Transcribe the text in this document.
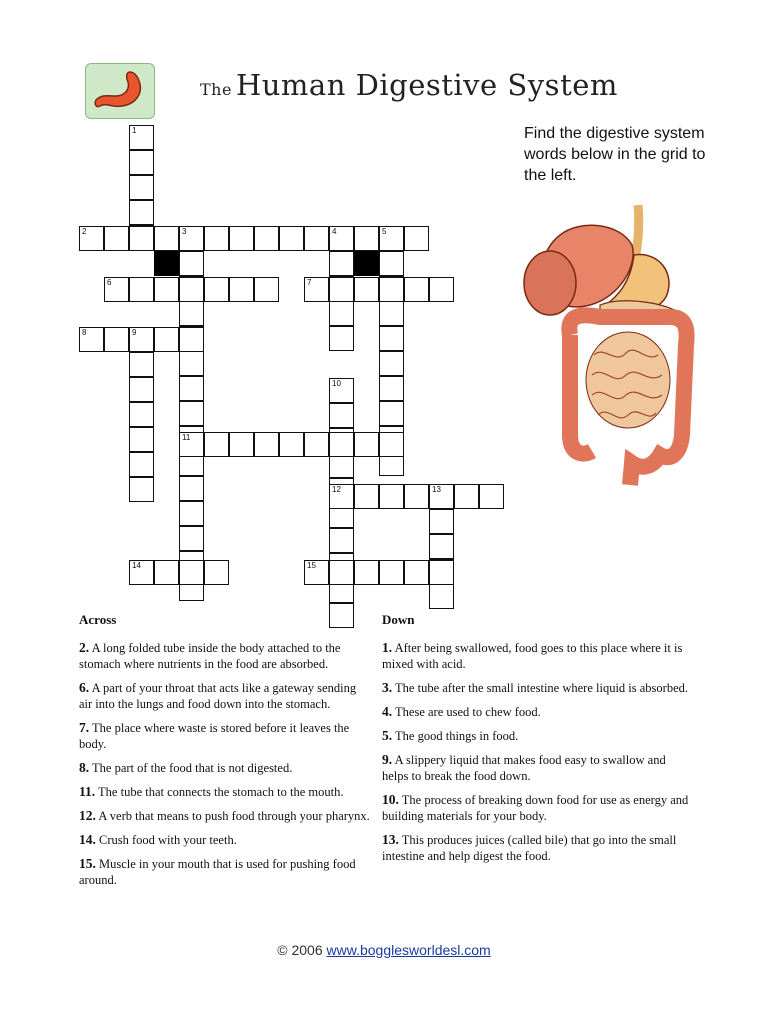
The Human Digestive System
Find the digestive system words below in the grid to the left.
1
2	3	4	5
6	7
8	9
10
11
12	13
14	15
Across
2. A long folded tube inside the body attached to the stomach where nutrients in the food are absorbed.
6. A part of your throat that acts like a gateway sending air into the lungs and food down into the stomach.
7. The place where waste is stored before it leaves the body.
8. The part of the food that is not digested.
11. The tube that connects the stomach to the mouth.
12. A verb that means to push food through your pharynx.
14. Crush food with your teeth.
15. Muscle in your mouth that is used for pushing food around.
Down
1. After being swallowed, food goes to this place where it is mixed with acid.
3. The tube after the small intestine where liquid is absorbed.
4. These are used to chew food.
5. The good things in food.
9. A slippery liquid that makes food easy to swallow and helps to break the food down.
10. The process of breaking down food for use as energy and building materials for your body.
13. This produces juices (called bile) that go into the small intestine and help digest the food.
© 2006 www.bogglesworldesl.com
